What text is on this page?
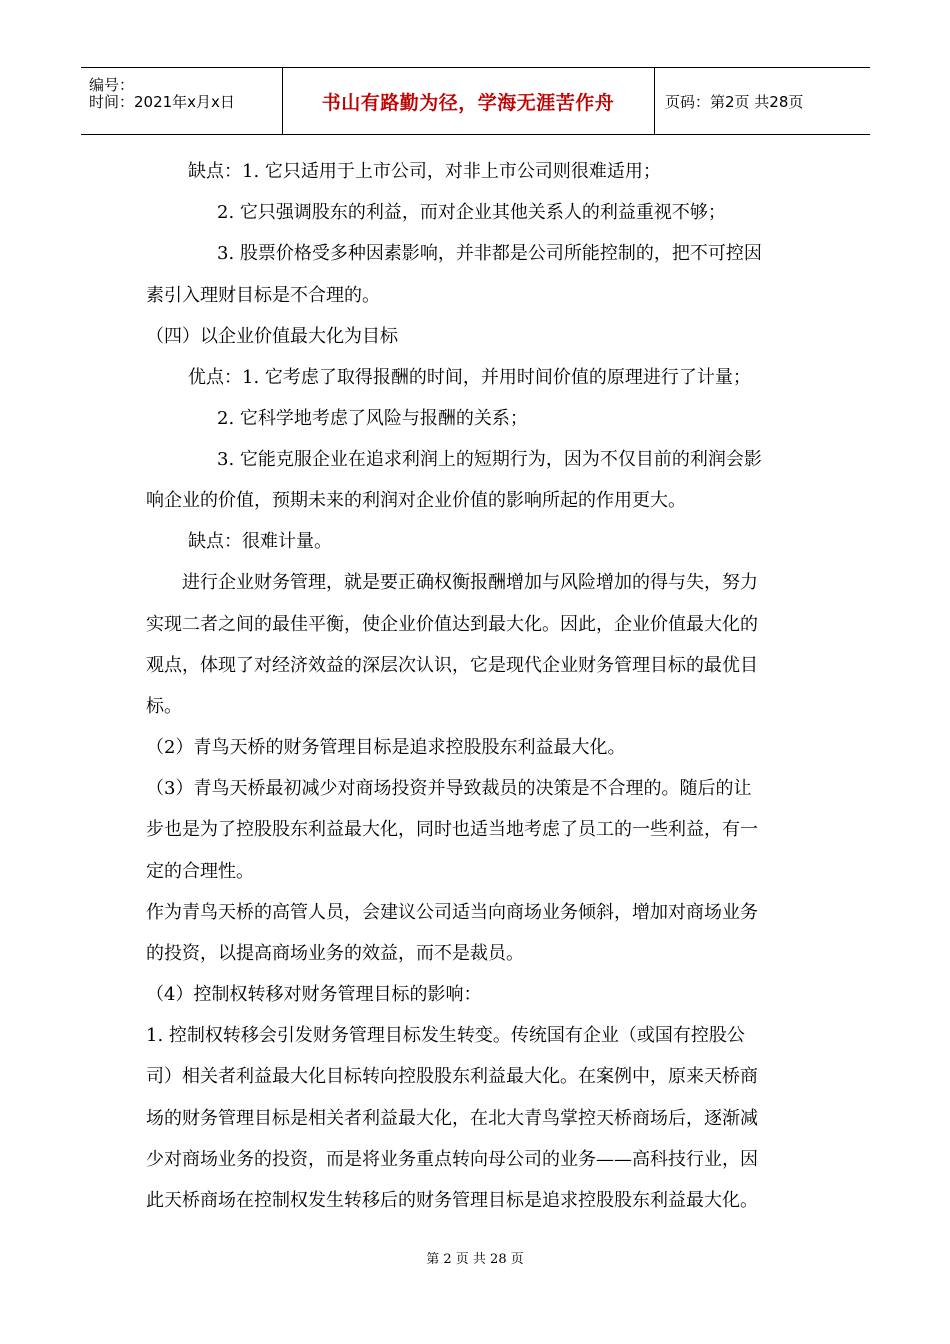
编号：
时间：2021年x月x日	书山有路勤为径，学海无涯苦作舟	页码：第2页 共28页
缺点：1. 它只适用于上市公司，对非上市公司则很难适用；
2. 它只强调股东的利益，而对企业其他关系人的利益重视不够；
3. 股票价格受多种因素影响，并非都是公司所能控制的，把不可控因
素引入理财目标是不合理的。
（四）以企业价值最大化为目标
优点：1. 它考虑了取得报酬的时间，并用时间价值的原理进行了计量；
2. 它科学地考虑了风险与报酬的关系；
3. 它能克服企业在追求利润上的短期行为，因为不仅目前的利润会影
响企业的价值，预期未来的利润对企业价值的影响所起的作用更大。
缺点：很难计量。
进行企业财务管理，就是要正确权衡报酬增加与风险增加的得与失，努力
实现二者之间的最佳平衡，使企业价值达到最大化。因此，企业价值最大化的
观点，体现了对经济效益的深层次认识，它是现代企业财务管理目标的最优目
标。
（2）青鸟天桥的财务管理目标是追求控股股东利益最大化。
（3）青鸟天桥最初减少对商场投资并导致裁员的决策是不合理的。随后的让
步也是为了控股股东利益最大化，同时也适当地考虑了员工的一些利益，有一
定的合理性。
作为青鸟天桥的高管人员，会建议公司适当向商场业务倾斜，增加对商场业务
的投资，以提高商场业务的效益，而不是裁员。
（4）控制权转移对财务管理目标的影响：
1. 控制权转移会引发财务管理目标发生转变。传统国有企业（或国有控股公
司）相关者利益最大化目标转向控股股东利益最大化。在案例中，原来天桥商
场的财务管理目标是相关者利益最大化，在北大青鸟掌控天桥商场后，逐渐减
少对商场业务的投资，而是将业务重点转向母公司的业务——高科技行业，因
此天桥商场在控制权发生转移后的财务管理目标是追求控股股东利益最大化。
第 2 页 共 28 页
